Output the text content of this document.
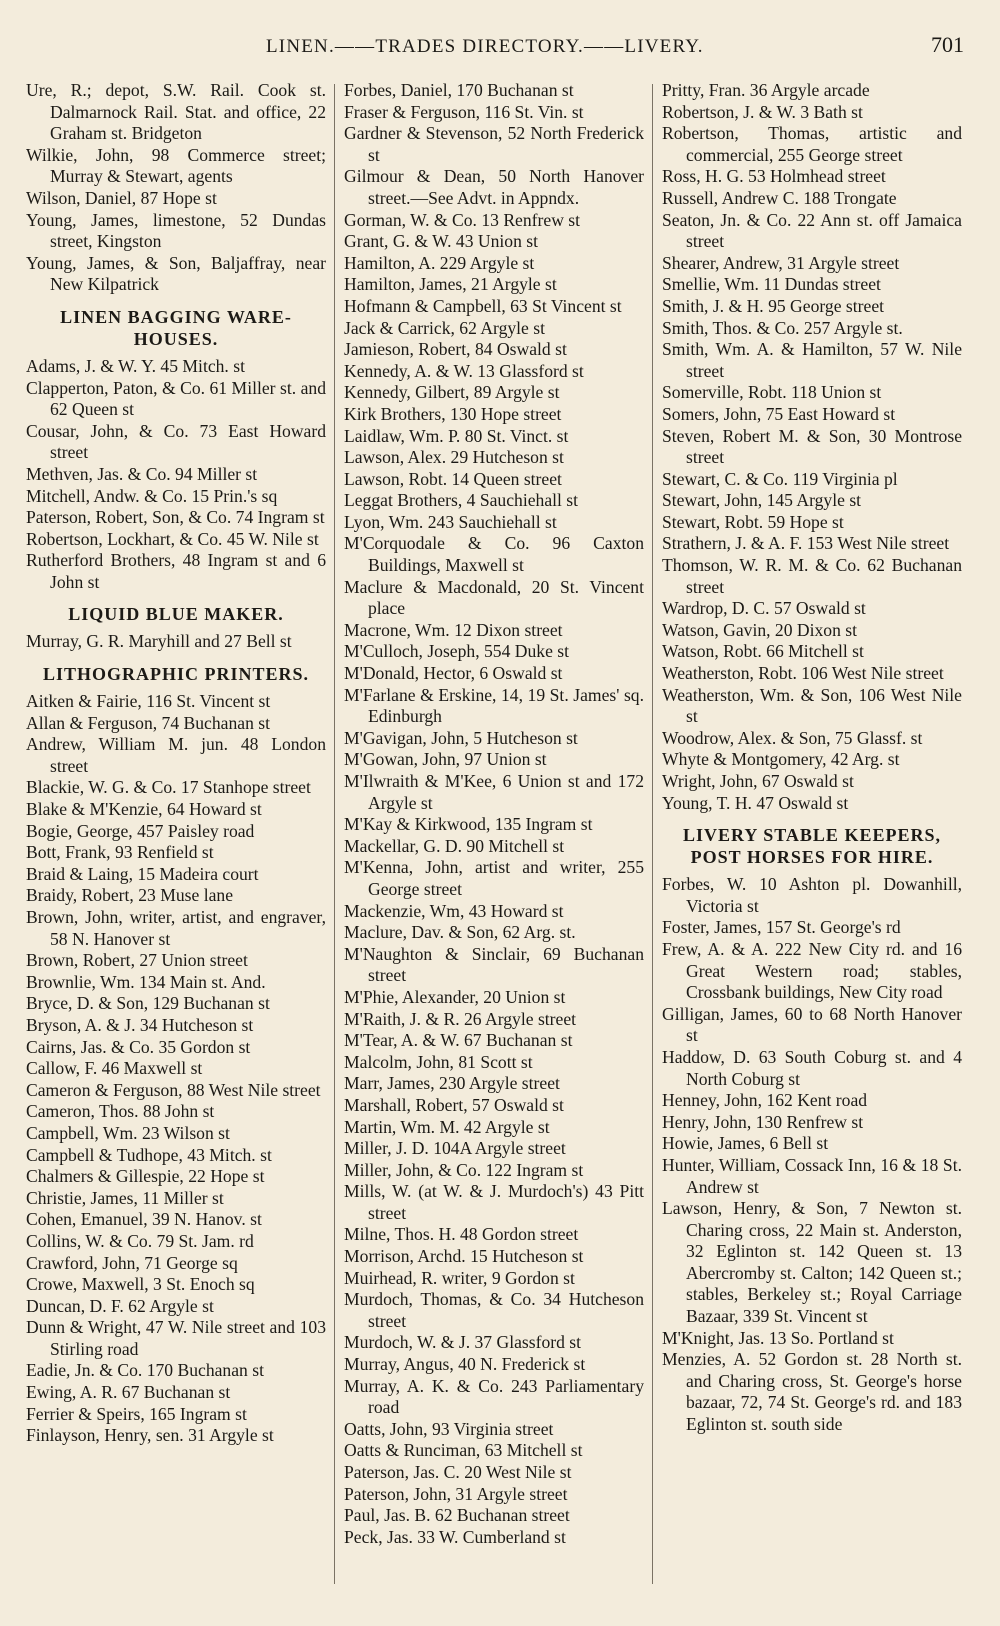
LINEN.——TRADES DIRECTORY.——LIVERY.	701
Ure, R.; depot, S.W. Rail. Cook st. Dalmarnock Rail. Stat. and office, 22 Graham st. Bridgeton
Wilkie, John, 98 Commerce street; Murray & Stewart, agents
Wilson, Daniel, 87 Hope st
Young, James, limestone, 52 Dundas street, Kingston
Young, James, & Son, Baljaffray, near New Kilpatrick
LINEN BAGGING WARE-HOUSES.
Adams, J. & W. Y. 45 Mitch. st
Clapperton, Paton, & Co. 61 Miller st. and 62 Queen st
Cousar, John, & Co. 73 East Howard street
Methven, Jas. & Co. 94 Miller st
Mitchell, Andw. & Co. 15 Prin.'s sq
Paterson, Robert, Son, & Co. 74 Ingram st
Robertson, Lockhart, & Co. 45 W. Nile st
Rutherford Brothers, 48 Ingram st and 6 John st
LIQUID BLUE MAKER.
Murray, G. R. Maryhill and 27 Bell st
LITHOGRAPHIC PRINTERS.
Aitken & Fairie, 116 St. Vincent st
Allan & Ferguson, 74 Buchanan st
Andrew, William M. jun. 48 London street
Blackie, W. G. & Co. 17 Stanhope street
Blake & M'Kenzie, 64 Howard st
Bogie, George, 457 Paisley road
Bott, Frank, 93 Renfield st
Braid & Laing, 15 Madeira court
Braidy, Robert, 23 Muse lane
Brown, John, writer, artist, and engraver, 58 N. Hanover st
Brown, Robert, 27 Union street
Brownlie, Wm. 134 Main st. And.
Bryce, D. & Son, 129 Buchanan st
Bryson, A. & J. 34 Hutcheson st
Cairns, Jas. & Co. 35 Gordon st
Callow, F. 46 Maxwell st
Cameron & Ferguson, 88 West Nile street
Cameron, Thos. 88 John st
Campbell, Wm. 23 Wilson st
Campbell & Tudhope, 43 Mitch. st
Chalmers & Gillespie, 22 Hope st
Christie, James, 11 Miller st
Cohen, Emanuel, 39 N. Hanov. st
Collins, W. & Co. 79 St. Jam. rd
Crawford, John, 71 George sq
Crowe, Maxwell, 3 St. Enoch sq
Duncan, D. F. 62 Argyle st
Dunn & Wright, 47 W. Nile street and 103 Stirling road
Eadie, Jn. & Co. 170 Buchanan st
Ewing, A. R. 67 Buchanan st
Ferrier & Speirs, 165 Ingram st
Finlayson, Henry, sen. 31 Argyle st
Forbes, Daniel, 170 Buchanan st
Fraser & Ferguson, 116 St. Vin. st
Gardner & Stevenson, 52 North Frederick st
Gilmour & Dean, 50 North Hanover street.—See Advt. in Appndx.
Gorman, W. & Co. 13 Renfrew st
Grant, G. & W. 43 Union st
Hamilton, A. 229 Argyle st
Hamilton, James, 21 Argyle st
Hofmann & Campbell, 63 St Vincent st
Jack & Carrick, 62 Argyle st
Jamieson, Robert, 84 Oswald st
Kennedy, A. & W. 13 Glassford st
Kennedy, Gilbert, 89 Argyle st
Kirk Brothers, 130 Hope street
Laidlaw, Wm. P. 80 St. Vinct. st
Lawson, Alex. 29 Hutcheson st
Lawson, Robt. 14 Queen street
Leggat Brothers, 4 Sauchiehall st
Lyon, Wm. 243 Sauchiehall st
M'Corquodale & Co. 96 Caxton Buildings, Maxwell st
Maclure & Macdonald, 20 St. Vincent place
Macrone, Wm. 12 Dixon street
M'Culloch, Joseph, 554 Duke st
M'Donald, Hector, 6 Oswald st
M'Farlane & Erskine, 14, 19 St. James' sq. Edinburgh
M'Gavigan, John, 5 Hutcheson st
M'Gowan, John, 97 Union st
M'Ilwraith & M'Kee, 6 Union st and 172 Argyle st
M'Kay & Kirkwood, 135 Ingram st
Mackellar, G. D. 90 Mitchell st
M'Kenna, John, artist and writer, 255 George street
Mackenzie, Wm, 43 Howard st
Maclure, Dav. & Son, 62 Arg. st.
M'Naughton & Sinclair, 69 Buchanan street
M'Phie, Alexander, 20 Union st
M'Raith, J. & R. 26 Argyle street
M'Tear, A. & W. 67 Buchanan st
Malcolm, John, 81 Scott st
Marr, James, 230 Argyle street
Marshall, Robert, 57 Oswald st
Martin, Wm. M. 42 Argyle st
Miller, J. D. 104A Argyle street
Miller, John, & Co. 122 Ingram st
Mills, W. (at W. & J. Murdoch's) 43 Pitt street
Milne, Thos. H. 48 Gordon street
Morrison, Archd. 15 Hutcheson st
Muirhead, R. writer, 9 Gordon st
Murdoch, Thomas, & Co. 34 Hutcheson street
Murdoch, W. & J. 37 Glassford st
Murray, Angus, 40 N. Frederick st
Murray, A. K. & Co. 243 Parliamentary road
Oatts, John, 93 Virginia street
Oatts & Runciman, 63 Mitchell st
Paterson, Jas. C. 20 West Nile st
Paterson, John, 31 Argyle street
Paul, Jas. B. 62 Buchanan street
Peck, Jas. 33 W. Cumberland st
Pritty, Fran. 36 Argyle arcade
Robertson, J. & W. 3 Bath st
Robertson, Thomas, artistic and commercial, 255 George street
Ross, H. G. 53 Holmhead street
Russell, Andrew C. 188 Trongate
Seaton, Jn. & Co. 22 Ann st. off Jamaica street
Shearer, Andrew, 31 Argyle street
Smellie, Wm. 11 Dundas street
Smith, J. & H. 95 George street
Smith, Thos. & Co. 257 Argyle st.
Smith, Wm. A. & Hamilton, 57 W. Nile street
Somerville, Robt. 118 Union st
Somers, John, 75 East Howard st
Steven, Robert M. & Son, 30 Montrose street
Stewart, C. & Co. 119 Virginia pl
Stewart, John, 145 Argyle st
Stewart, Robt. 59 Hope st
Strathern, J. & A. F. 153 West Nile street
Thomson, W. R. M. & Co. 62 Buchanan street
Wardrop, D. C. 57 Oswald st
Watson, Gavin, 20 Dixon st
Watson, Robt. 66 Mitchell st
Weatherston, Robt. 106 West Nile street
Weatherston, Wm. & Son, 106 West Nile st
Woodrow, Alex. & Son, 75 Glassf. st
Whyte & Montgomery, 42 Arg. st
Wright, John, 67 Oswald st
Young, T. H. 47 Oswald st
LIVERY STABLE KEEPERS, POST HORSES FOR HIRE.
Forbes, W. 10 Ashton pl. Dowanhill, Victoria st
Foster, James, 157 St. George's rd
Frew, A. & A. 222 New City rd. and 16 Great Western road; stables, Crossbank buildings, New City road
Gilligan, James, 60 to 68 North Hanover st
Haddow, D. 63 South Coburg st. and 4 North Coburg st
Henney, John, 162 Kent road
Henry, John, 130 Renfrew st
Howie, James, 6 Bell st
Hunter, William, Cossack Inn, 16 & 18 St. Andrew st
Lawson, Henry, & Son, 7 Newton st. Charing cross, 22 Main st. Anderston, 32 Eglinton st. 142 Queen st. 13 Abercromby st. Calton; 142 Queen st.; stables, Berkeley st.; Royal Carriage Bazaar, 339 St. Vincent st
M'Knight, Jas. 13 So. Portland st
Menzies, A. 52 Gordon st. 28 North st. and Charing cross, St. George's horse bazaar, 72, 74 St. George's rd. and 183 Eglinton st. south side
